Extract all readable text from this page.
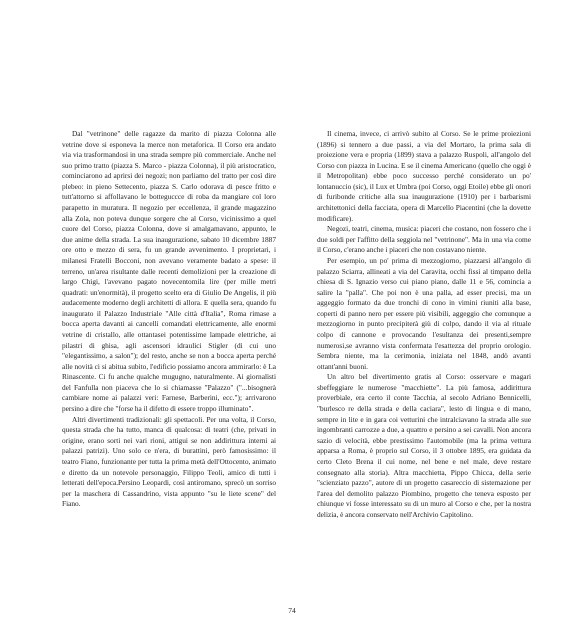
Dal "vetrinone" delle ragazze da marito di piazza Colonna alle vetrine dove si esponeva la merce non metaforica. Il Corso era andato via via trasformandosi in una strada sempre più commerciale. Anche nel suo primo tratto (piazza S. Marco - piazza Colonna), il più aristocratico, cominciarono ad aprirsi dei negozi; non parliamo del tratto per così dire plebeo: in pieno Settecento, piazza S. Carlo odorava di pesce fritto e tutt'attorno si affollavano le botteguccce di roba da mangiare col loro parapetto in muratura. Il negozio per eccellenza, il grande magazzino alla Zola, non poteva dunque sorgere che al Corso, vicinissimo a quel cuore del Corso, piazza Colonna, dove si amalgamavano, appunto, le due anime della strada. La sua inaugurazione, sabato 10 dicembre 1887 ore otto e mezzo di sera, fu un grande avvenimento. I proprietari, i milanesi Fratelli Bocconi, non avevano veramente badato a spese: il terreno, un'area risultante dalle recenti demolizioni per la creazione di largo Chigi, l'avevano pagato novecentomila lire (per mille metri quadrati: un'enormità), il progetto scelto era di Giulio De Angelis, il più audacemente moderno degli architetti di allora. E quella sera, quando fu inaugurato il Palazzo Industriale "Alle città d'Italia", Roma rimase a bocca aperta davanti ai cancelli comandati elettricamente, alle enormi vetrine di cristallo, alle ottantasei potentissime lampade elettriche, ai pilastri di ghisa, agli ascensori idraulici Stigler (di cui uno "elegantissimo, a salon"); del resto, anche se non a bocca aperta perché alle novità ci si abitua subito, l'edificio possiamo ancora ammirarlo: è La Rinascente. Ci fu anche qualche mugugno, naturalmente. Ai giornalisti del Fanfulla non piaceva che lo si chiamasse "Palazzo" ("...bisognerà cambiare nome ai palazzi veri: Farnese, Barberini, ecc."); arrivarono persino a dire che "forse ha il difetto di essere troppo illuminato".

Altri divertimenti tradizionali: gli spettacoli. Per una volta, il Corso, questa strada che ha tutto, manca di qualcosa: di teatri (che, privati in origine, erano sorti nei vari rioni, attigui se non addirittura interni ai palazzi patrizi). Uno solo ce n'era, di burattini, però famosissimo: il teatro Fiano, funzionante per tutta la prima metà dell'Ottocento, animato e diretto da un notevole personaggio, Filippo Teoli, amico di tutti i letterati dell'epoca.Persino Leopardi, così antiromano, sprecò un sorriso per la maschera di Cassandrino, vista appunto "su le liete scene" del Fiano.

Il cinema, invece, ci arrivò subito al Corso. Se le prime proiezioni (1896) si tennero a due passi, a via del Mortaro, la prima sala di proiezione vera e propria (1899) stava a palazzo Ruspoli, all'angolo del Corso con piazza in Lucina. E se il cinema Americano (quello che oggi è il Metropolitan) ebbe poco successo perché considerato un po' lontanuccio (sic), il Lux et Umbra (poi Corso, oggi Etoile) ebbe gli onori di furibonde critiche alla sua inaugurazione (1910) per i barbarismi architettonici della facciata, opera di Marcello Piacentini (che la dovette modificare).

Negozi, teatri, cinema, musica: piaceri che costano, non fossero che i due soldi per l'affitto della seggiola nel "vetrinone". Ma in una via come il Corso, c'erano anche i piaceri che non costavano niente.

Per esempio, un po' prima di mezzogiorno, piazzarsi all'angolo di palazzo Sciarra, allineati a via del Caravita, occhi fissi al timpano della chiesa di S. Ignazio verso cui piano piano, dalle 11 e 56, comincia a salire la "palla". Che poi non è una palla, ad esser precisi, ma un aggeggio formato da due tronchi di cono in vimini riuniti alla base, coperti di panno nero per essere più visibili, aggeggio che comunque a mezzogiorno in punto precipiterà giù di colpo, dando il via al rituale colpo di cannone e provocando l'esultanza dei presenti,sempre numerosi,se avranno vista confermata l'esattezza del proprio orologio. Sembra niente, ma la cerimonia, iniziata nel 1848, andò avanti ottant'anni buoni.

Un altro bel divertimento gratis al Corso: osservare e magari sbeffeggiare le numerose "macchiette". La più famosa, addirittura proverbiale, era certo il conte Tacchia, al secolo Adriano Bennicelli, "burlesco re della strada e della caciara", lesto di lingua e di mano, sempre in lite e in gara coi vetturini che intralciavano la strada alle sue ingombranti carrozze a due, a quattro e persino a sei cavalli. Non ancora sazio di velocità, ebbe prestissimo l'automobile (ma la prima vettura apparsa a Roma, è proprio sul Corso, il 3 ottobre 1895, era guidata da certo Cleto Brena il cui nome, nel bene e nel male, deve restare consegnato alla storia). Altra macchietta, Pippo Chicca, della serie "scienziato pazzo", autore di un progetto casareccio di sistemazione per l'area del demolito palazzo Piombino, progetto che teneva esposto per chiunque vi fosse interessato su di un muro al Corso e che, per la nostra delizia, è ancora conservato nell'Archivio Capitolino.

74
